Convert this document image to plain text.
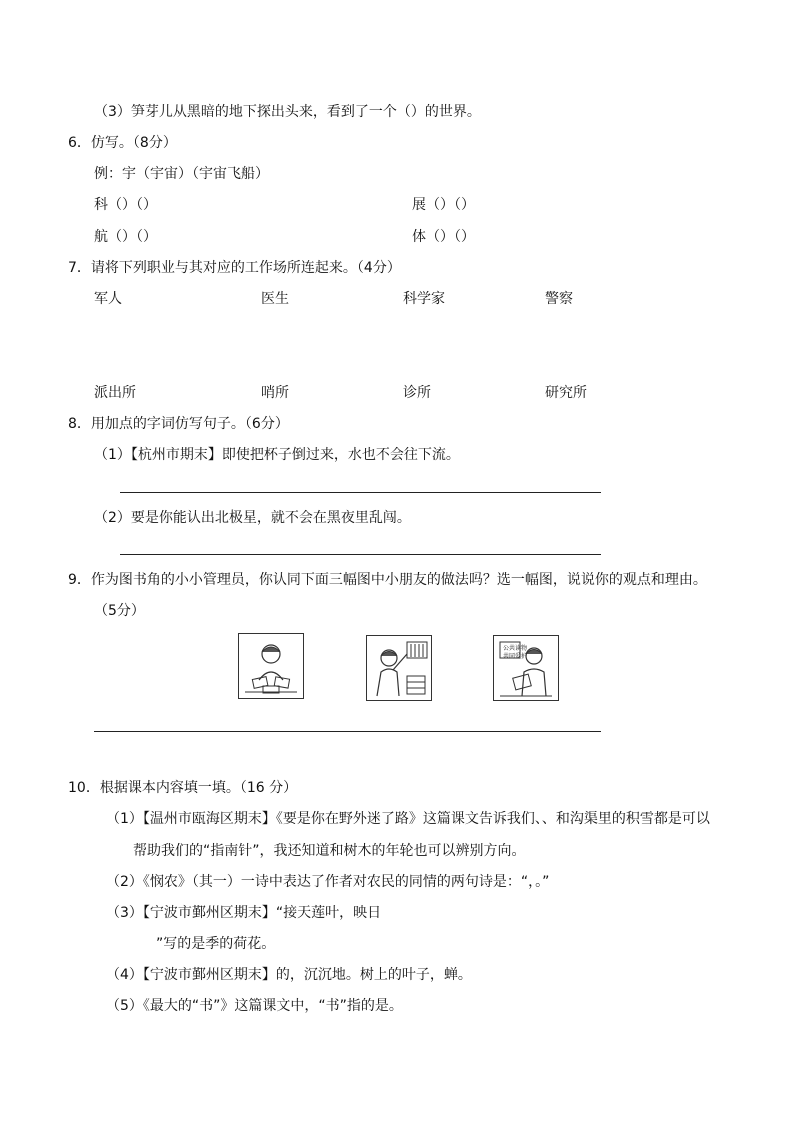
（3）笋芽儿从黑暗的地下探出头来，看到了一个（）的世界。
6．仿写。（8分）
例：宇（宇宙）（宇宙飞船）
科（）（）	展（）（）
航（）（）	体（）（）
7．请将下列职业与其对应的工作场所连起来。（4分）
军人	医生	科学家	警察
派出所	哨所	诊所	研究所
8．用加点的字词仿写句子。（6分）
（1）【杭州市期末】即使把杯子倒过来，水也不会往下流。
（2）要是你能认出北极星，就不会在黑夜里乱闯。
9．作为图书角的小小管理员，你认同下面三幅图中小朋友的做法吗？选一幅图，说说你的观点和理由。
（5分）
公共读物
共同爱护
10．根据课本内容填一填。（16 分）
（1）【温州市瓯海区期末】《要是你在野外迷了路》这篇课文告诉我们、、和沟渠里的积雪都是可以
帮助我们的“指南针”，我还知道和树木的年轮也可以辨别方向。
（2）《悯农》（其一）一诗中表达了作者对农民的同情的两句诗是：“，。”
（3）【宁波市鄞州区期末】“接天莲叶，映日
”写的是季的荷花。
（4）【宁波市鄞州区期末】的，沉沉地。树上的叶子，蝉。
（5）《最大的“书”》这篇课文中，“书”指的是。
